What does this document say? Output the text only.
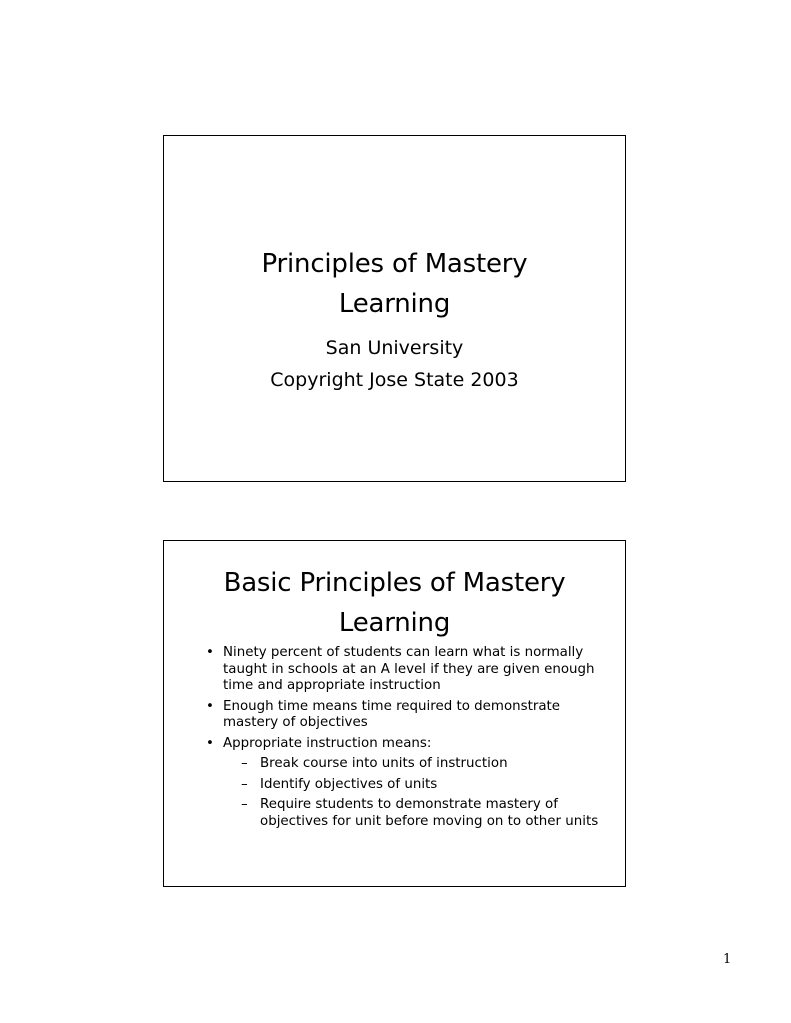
Principles of Mastery
Learning
San University
Copyright Jose State 2003
Basic Principles of Mastery
Learning
• Ninety percent of students can learn what is normally taught in schools at an A level if they are given enough time and appropriate instruction
• Enough time means time required to demonstrate mastery of objectives
• Appropriate instruction means:
– Break course into units of instruction
– Identify objectives of units
– Require students to demonstrate mastery of objectives for unit before moving on to other units
1
